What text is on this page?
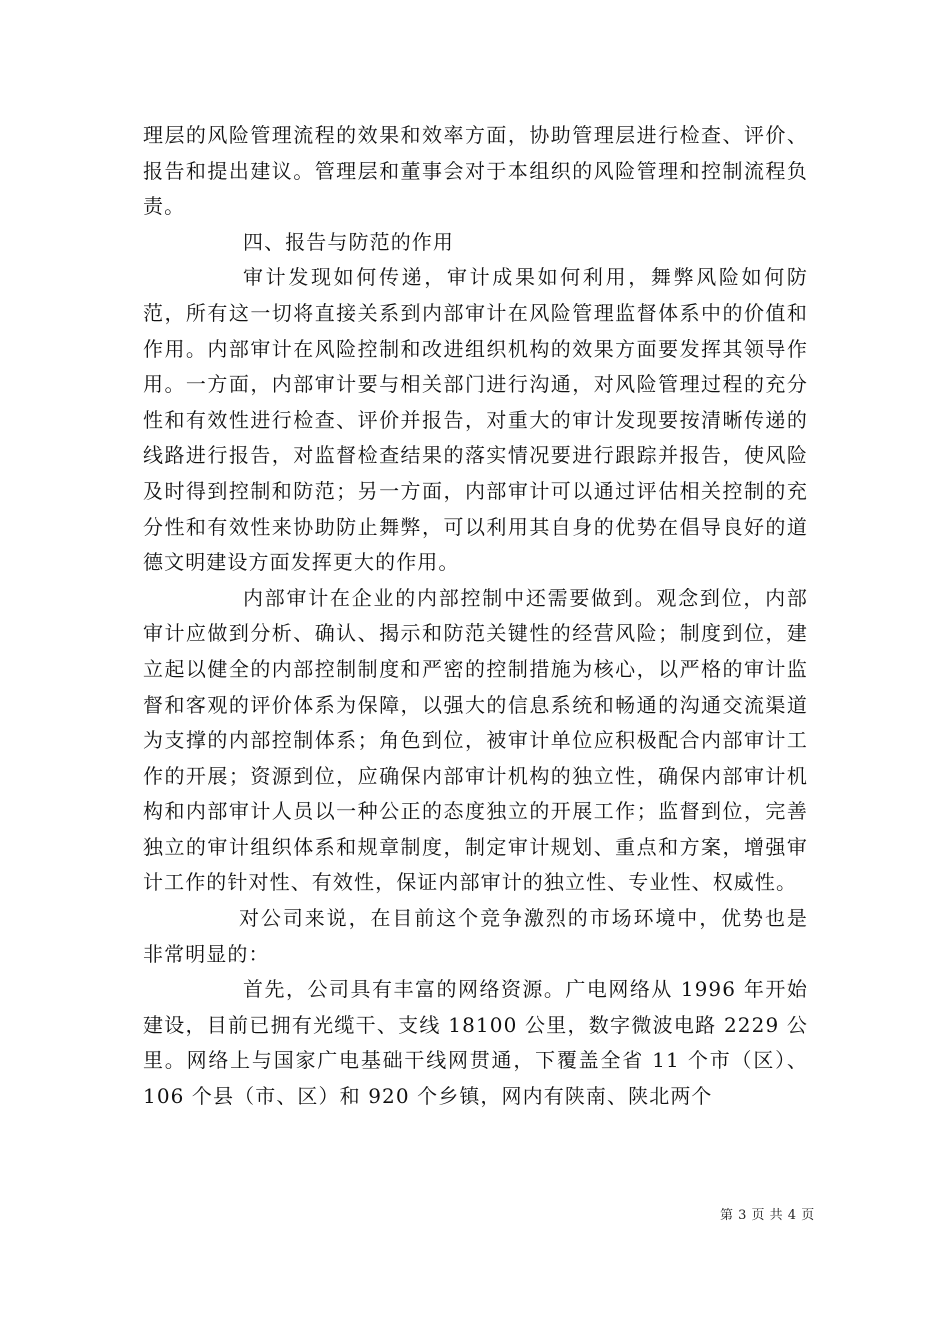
理层的风险管理流程的效果和效率方面，协助管理层进行检查、评价、报告和提出建议。管理层和董事会对于本组织的风险管理和控制流程负责。

四、报告与防范的作用

审计发现如何传递，审计成果如何利用，舞弊风险如何防范，所有这一切将直接关系到内部审计在风险管理监督体系中的价值和作用。内部审计在风险控制和改进组织机构的效果方面要发挥其领导作用。一方面，内部审计要与相关部门进行沟通，对风险管理过程的充分性和有效性进行检查、评价并报告，对重大的审计发现要按清晰传递的线路进行报告，对监督检查结果的落实情况要进行跟踪并报告，使风险及时得到控制和防范；另一方面，内部审计可以通过评估相关控制的充分性和有效性来协助防止舞弊，可以利用其自身的优势在倡导良好的道德文明建设方面发挥更大的作用。

内部审计在企业的内部控制中还需要做到。观念到位，内部审计应做到分析、确认、揭示和防范关键性的经营风险；制度到位，建立起以健全的内部控制制度和严密的控制措施为核心，以严格的审计监督和客观的评价体系为保障，以强大的信息系统和畅通的沟通交流渠道为支撑的内部控制体系；角色到位，被审计单位应积极配合内部审计工作的开展；资源到位，应确保内部审计机构的独立性，确保内部审计机构和内部审计人员以一种公正的态度独立的开展工作；监督到位，完善独立的审计组织体系和规章制度，制定审计规划、重点和方案，增强审计工作的针对性、有效性，保证内部审计的独立性、专业性、权威性。

对公司来说，在目前这个竞争激烈的市场环境中，优势也是非常明显的：

首先，公司具有丰富的网络资源。广电网络从 1996 年开始建设，目前已拥有光缆干、支线 18100 公里，数字微波电路 2229 公里。网络上与国家广电基础干线网贯通，下覆盖全省 11 个市（区）、106 个县（市、区）和 920 个乡镇，网内有陕南、陕北两个

第 3 页 共 4 页
